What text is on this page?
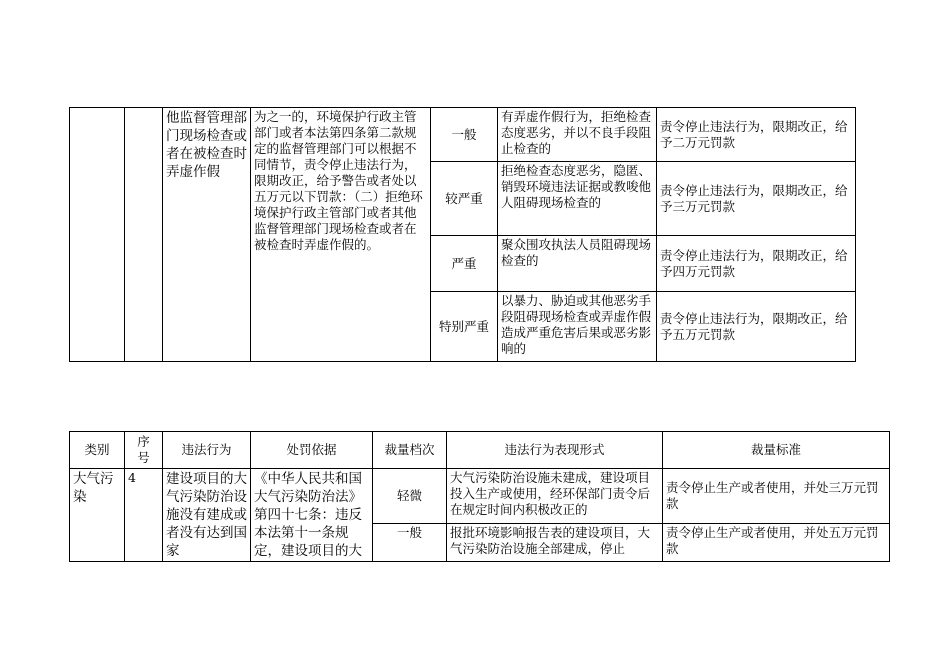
		他监督管理部门现场检查或者在被检查时弄虚作假	为之一的，环境保护行政主管部门或者本法第四条第二款规定的监督管理部门可以根据不同情节，责令停止违法行为，限期改正，给予警告或者处以五万元以下罚款：（二）拒绝环境保护行政主管部门或者其他监督管理部门现场检查或者在被检查时弄虚作假的。	一般	有弄虚作假行为，拒绝检查态度恶劣，并以不良手段阻止检查的	责令停止违法行为，限期改正，给予二万元罚款
				较严重	拒绝检查态度恶劣，隐匿、销毁环境违法证据或教唆他人阻碍现场检查的	责令停止违法行为，限期改正，给予三万元罚款
				严重	聚众围攻执法人员阻碍现场检查的	责令停止违法行为，限期改正，给予四万元罚款
				特别严重	以暴力、胁迫或其他恶劣手段阻碍现场检查或弄虚作假造成严重危害后果或恶劣影响的	责令停止违法行为，限期改正，给予五万元罚款
类别	序号	违法行为	处罚依据	裁量档次	违法行为表现形式	裁量标准
大气污染	4	建设项目的大气污染防治设施没有建成或者没有达到国家	《中华人民共和国大气污染防治法》第四十七条：违反本法第十一条规定，建设项目的大	轻微	大气污染防治设施未建成，建设项目投入生产或使用，经环保部门责令后在规定时间内积极改正的	责令停止生产或者使用，并处三万元罚款
				一般	报批环境影响报告表的建设项目，大气污染防治设施全部建成，停止	责令停止生产或者使用，并处五万元罚款
